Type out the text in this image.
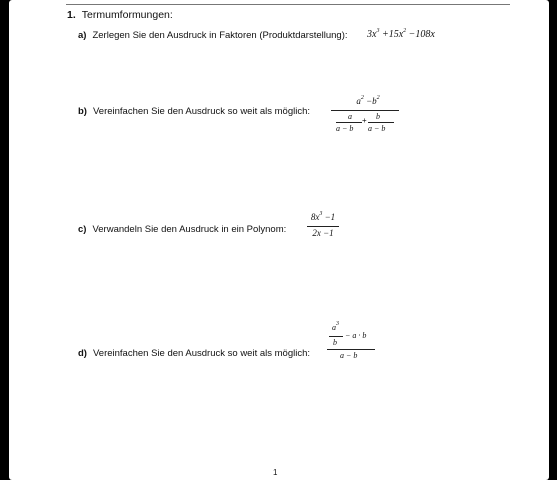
1. Termumformungen:
a) Zerlegen Sie den Ausdruck in Faktoren (Produktdarstellung): $3x^3 +15x^2 -108x$
b) Vereinfachen Sie den Ausdruck so weit als möglich:
$a^2 -b^2$
a
a − b
+ b
a − b
c) Verwandeln Sie den Ausdruck in ein Polynom:
$8x^3 -1$
2x −1
d) Vereinfachen Sie den Ausdruck so weit als möglich:
$a^3$
b
− a · b
a − b
1
